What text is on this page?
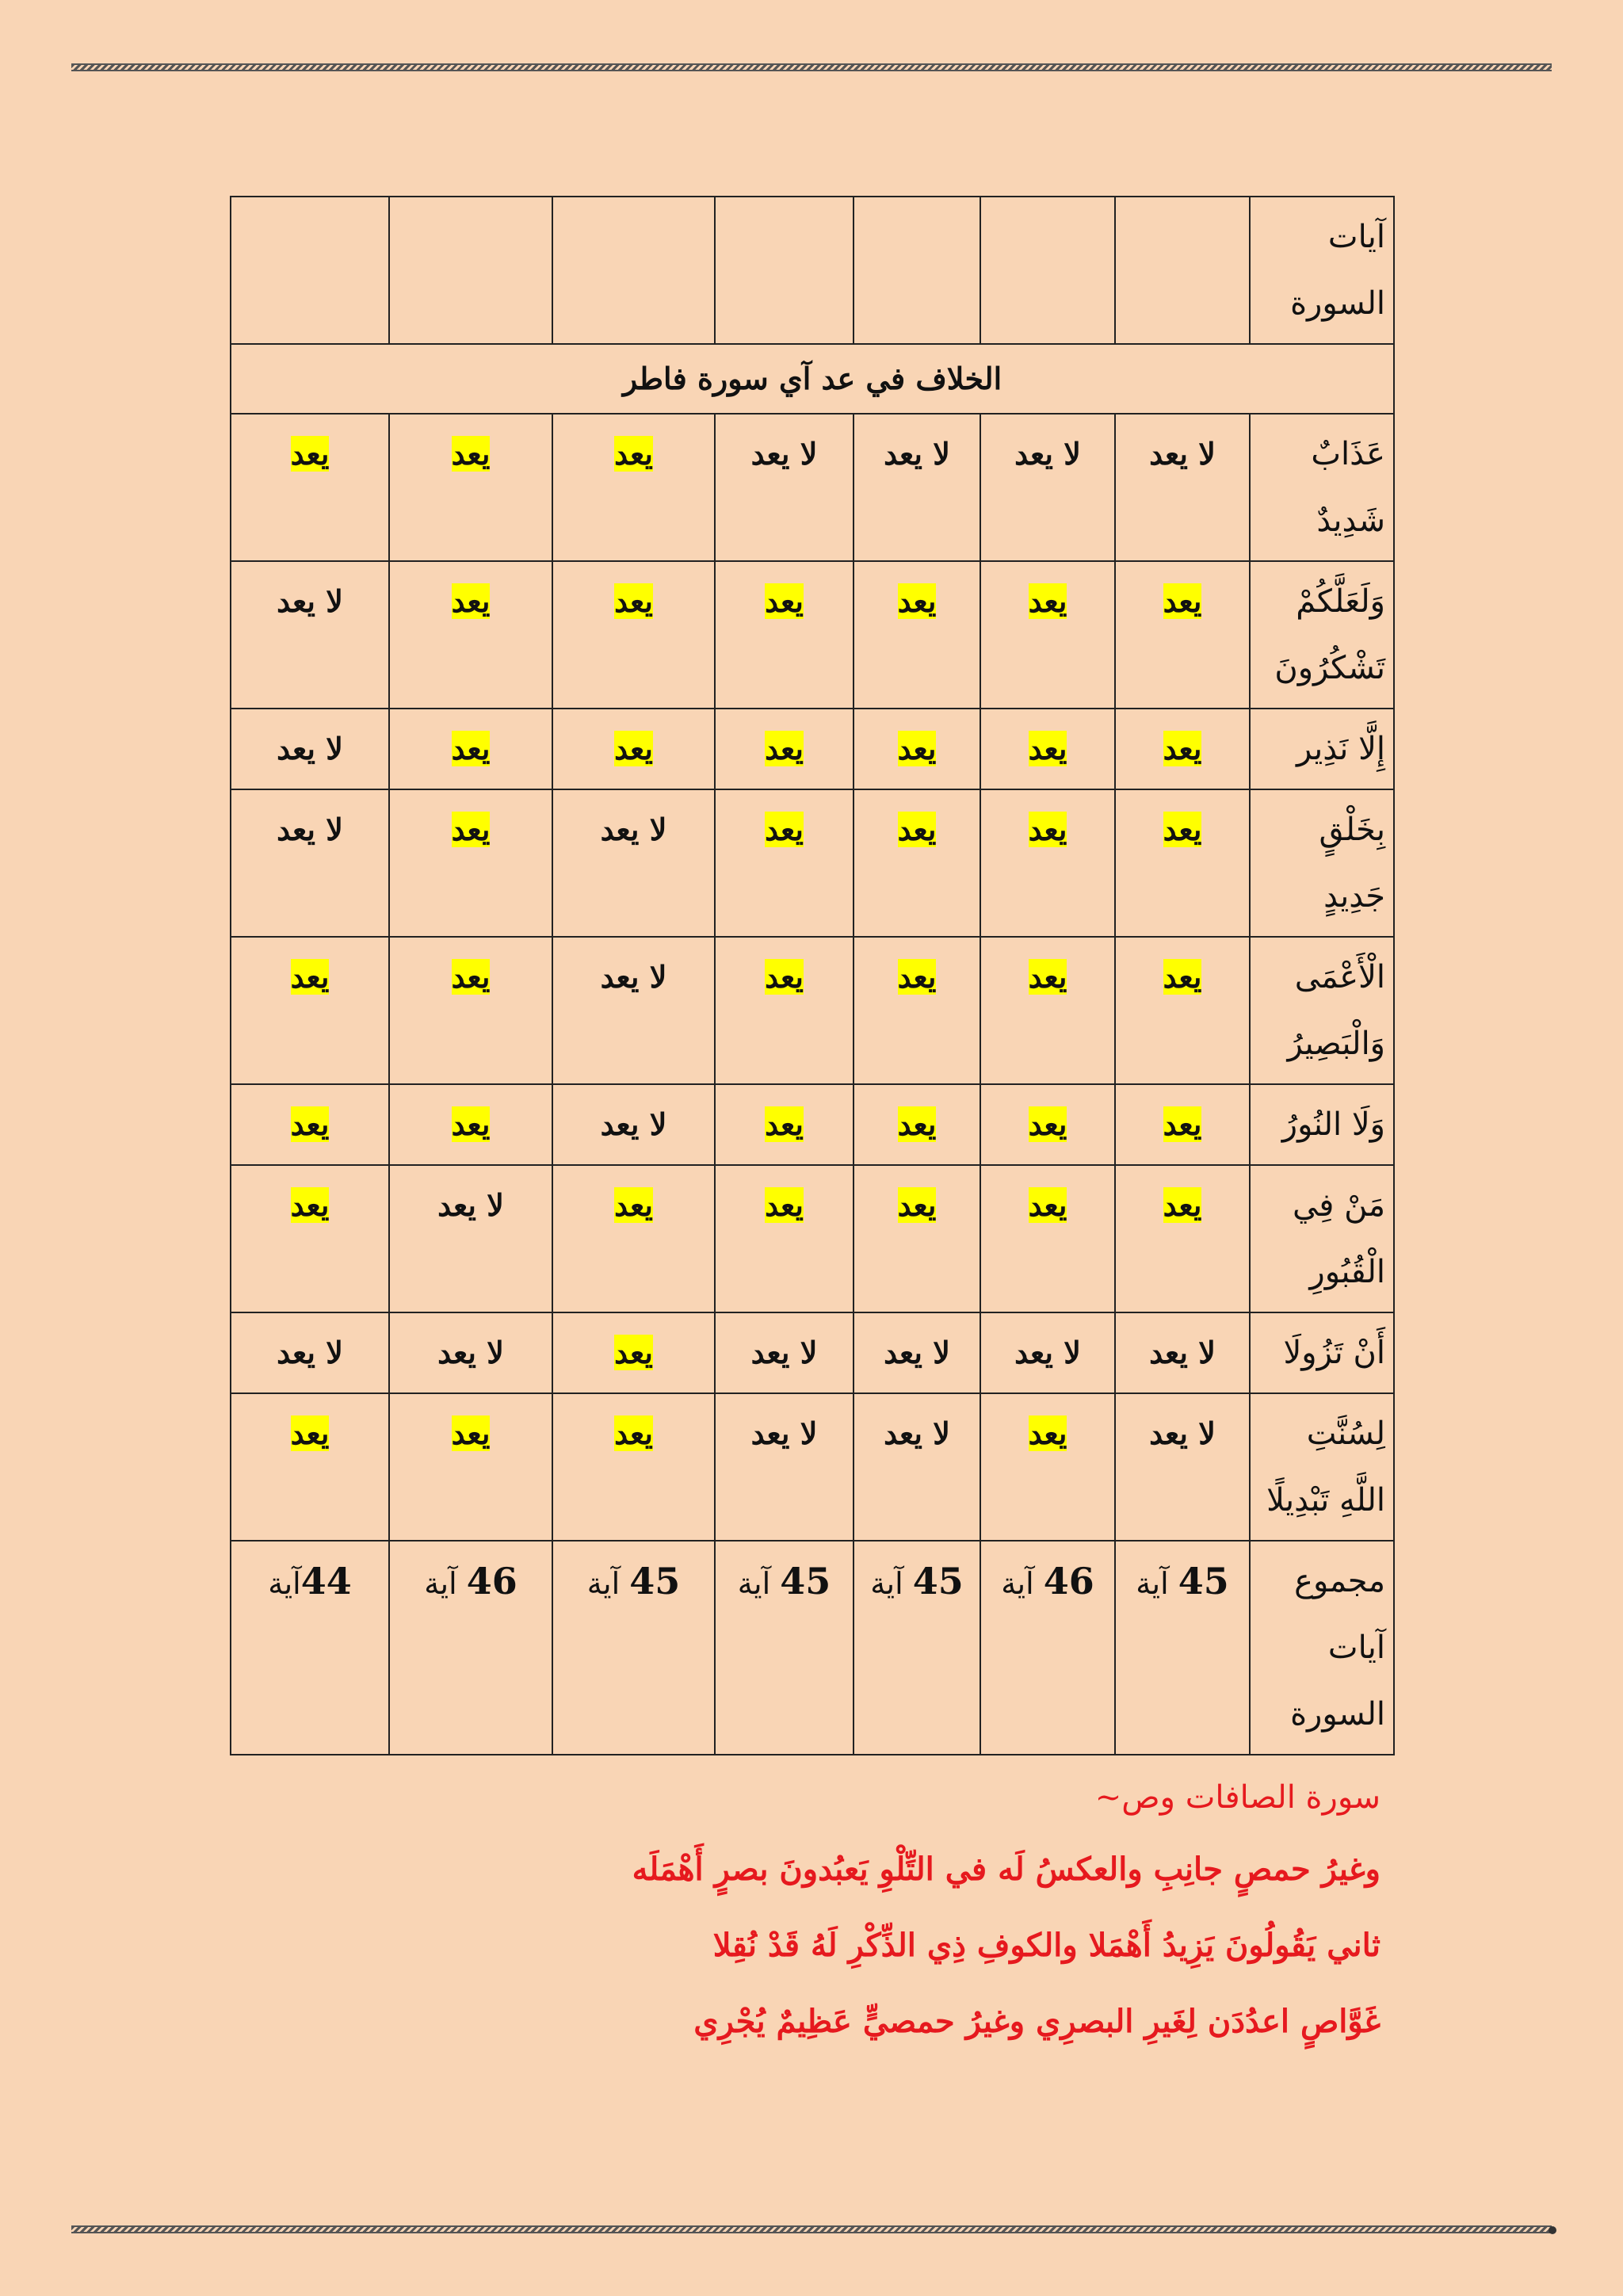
آيات السورة							
الخلاف في عد آي سورة فاطر							
عَذَابٌ شَدِيدٌ	لا يعد	لا يعد	لا يعد	لا يعد	يعد	يعد	يعد
وَلَعَلَّكُمْ تَشْكُرُونَ	يعد	يعد	يعد	يعد	يعد	يعد	لا يعد
إِلَّا نَذِير	يعد	يعد	يعد	يعد	يعد	يعد	لا يعد
بِخَلْقٍ جَدِيدٍ	يعد	يعد	يعد	يعد	لا يعد	يعد	لا يعد
الْأَعْمَى وَالْبَصِيرُ	يعد	يعد	يعد	يعد	لا يعد	يعد	يعد
وَلَا النُورُ	يعد	يعد	يعد	يعد	لا يعد	يعد	يعد
مَنْ فِي الْقُبُورِ	يعد	يعد	يعد	يعد	يعد	لا يعد	يعد
أَنْ تَزُولَا	لا يعد	لا يعد	لا يعد	لا يعد	يعد	لا يعد	لا يعد
لِسُنَّتِ اللَّهِ تَبْدِيلًا	لا يعد	يعد	لا يعد	لا يعد	يعد	يعد	يعد
مجموع آيات السورة	45 آية	46 آية	45 آية	45 آية	45 آية	46 آية	44آية
سورة الصافات وص~
وغيرُ حمصٍ جانِبِ والعكسُ لَه في التِّلْوِ يَعبُدونَ بصرٍ أَهْمَلَه
ثاني يَقُولُونَ يَزِيدُ أَهْمَلا والكوفِ ذِي الذِّكْرِ لَهُ قَدْ نُقِلا
غَوَّاصٍ اعدُدَن لِغَيرِ البصرِي وغيرُ حمصيٍّ عَظِيمٌ يُجْرِي
